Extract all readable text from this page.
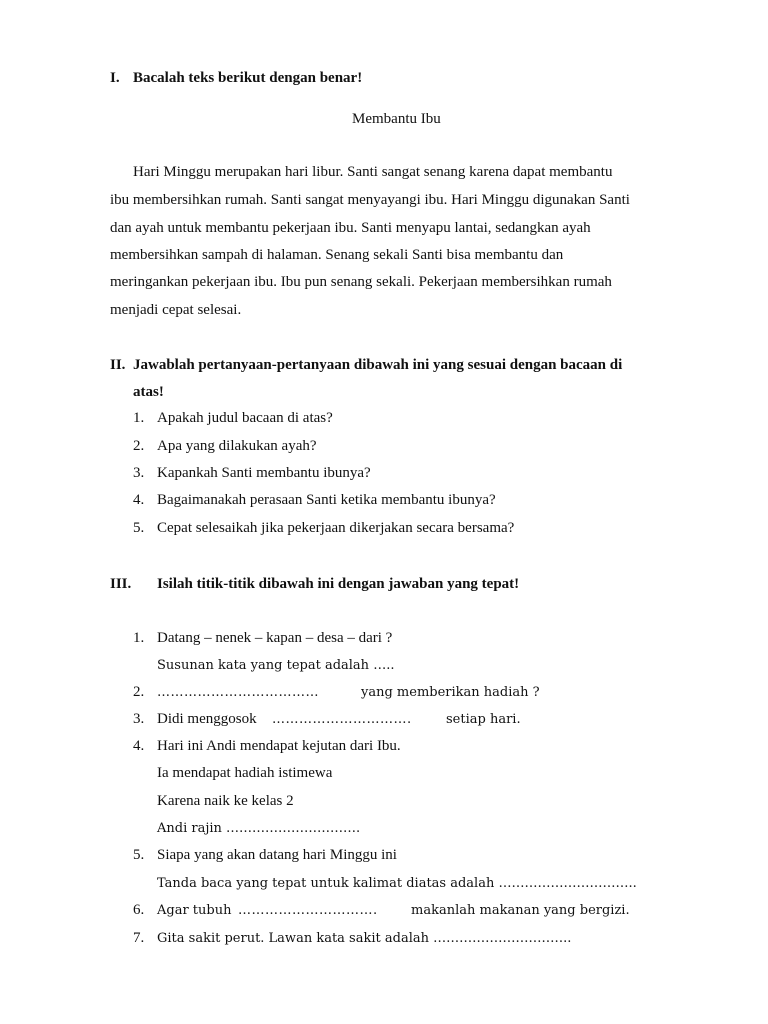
I. Bacalah teks berikut dengan benar!
Membantu Ibu
Hari Minggu merupakan hari libur. Santi sangat senang karena dapat membantu
ibu membersihkan rumah. Santi sangat menyayangi ibu. Hari Minggu digunakan Santi
dan ayah untuk membantu pekerjaan ibu. Santi menyapu lantai, sedangkan ayah
membersihkan sampah di halaman. Senang sekali Santi bisa membantu dan
meringankan pekerjaan ibu. Ibu pun senang sekali. Pekerjaan membersihkan rumah
menjadi cepat selesai.
II. Jawablah pertanyaan-pertanyaan dibawah ini yang sesuai dengan bacaan di
atas!
1. Apakah judul bacaan di atas?
2. Apa yang dilakukan ayah?
3. Kapankah Santi membantu ibunya?
4. Bagaimanakah perasaan Santi ketika membantu ibunya?
5. Cepat selesaikah jika pekerjaan dikerjakan secara bersama?
III. Isilah titik-titik dibawah ini dengan jawaban yang tepat!
1. Datang – nenek – kapan – desa – dari ?
Susunan kata yang tepat adalah …..
2. ………………………………	yang memberikan hadiah ?
3. Didi menggosok ………………………….	setiap hari.
4. Hari ini Andi mendapat kejutan dari Ibu.
Ia mendapat hadiah istimewa
Karena naik ke kelas 2
Andi rajin ………………………….
5. Siapa yang akan datang hari Minggu ini
Tanda baca yang tepat untuk kalimat diatas adalah …………………………..
6. Agar tubuh ………………………….	makanlah makanan yang bergizi.
7. Gita sakit perut. Lawan kata sakit adalah …………………………..
